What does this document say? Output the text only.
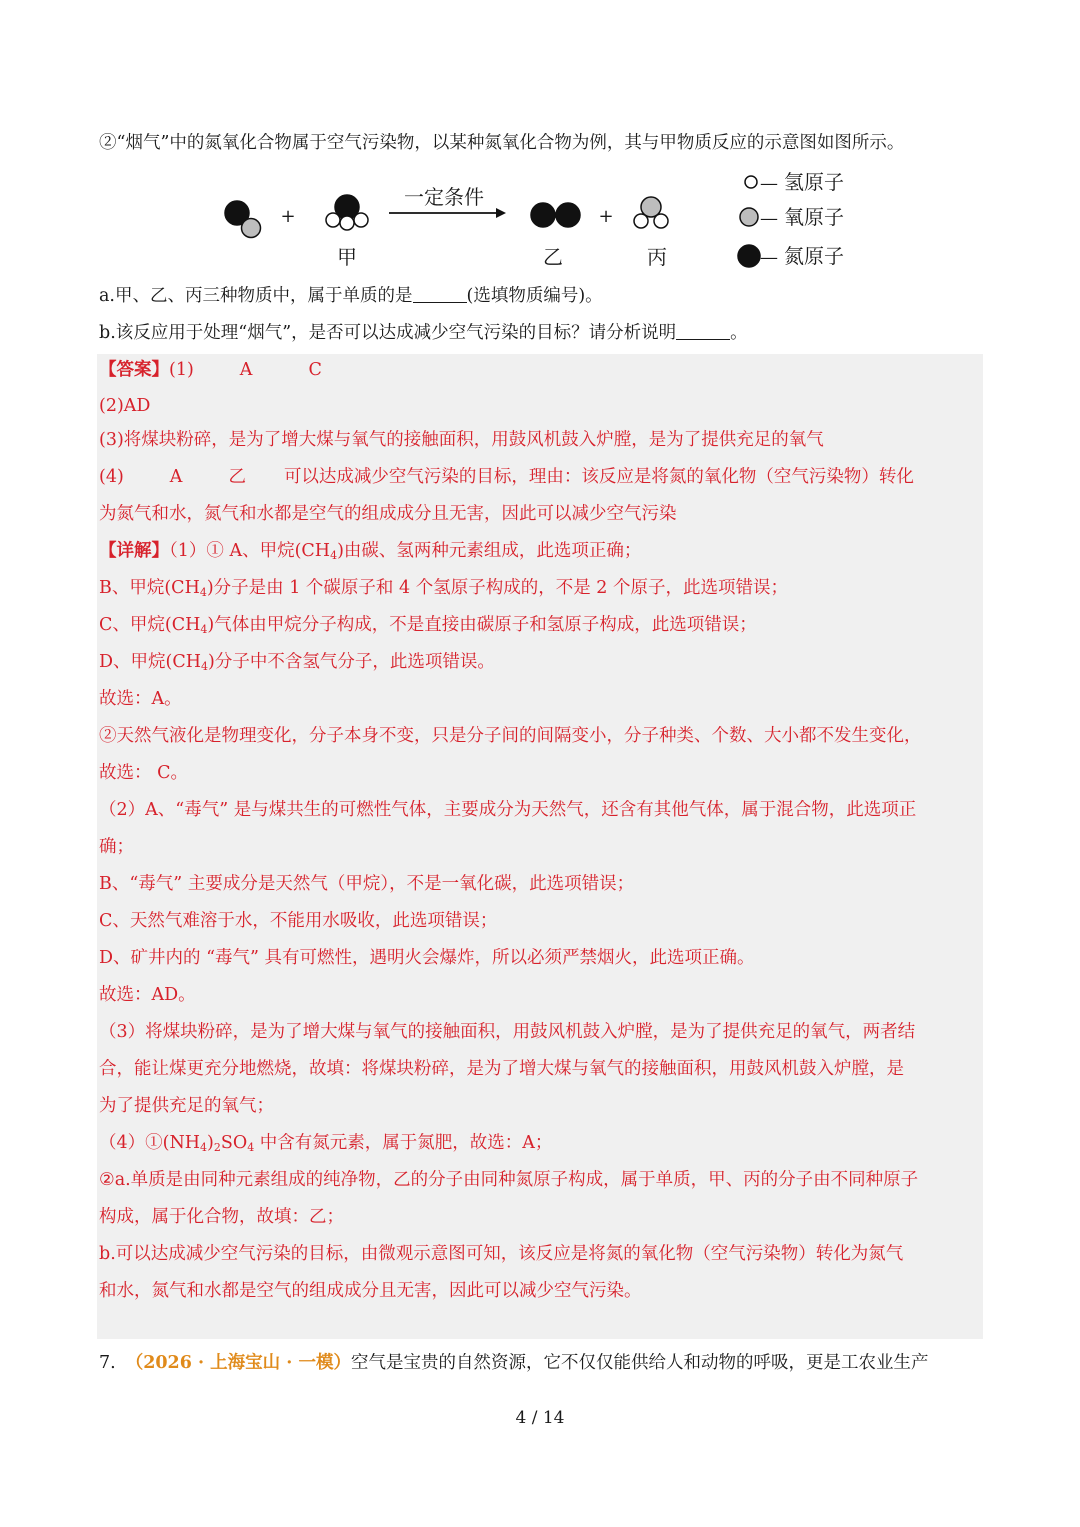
②“烟气”中的氮氧化合物属于空气污染物，以某种氮氧化合物为例，其与甲物质反应的示意图如图所示。
+
甲
一定条件
乙
+
丙
— 氢原子
— 氧原子
— 氮原子
a.甲、乙、丙三种物质中，属于单质的是	(选填物质编号)。
b.该反应用于处理“烟气”，是否可以达成减少空气污染的目标？请分析说明	。
【答案】(1)	A	C
(2)AD
(3)将煤块粉碎，是为了增大煤与氧气的接触面积，用鼓风机鼓入炉膛，是为了提供充足的氧气
(4)	A	乙 可以达成减少空气污染的目标，理由：该反应是将氮的氧化物（空气污染物）转化
为氮气和水，氮气和水都是空气的组成成分且无害，因此可以减少空气污染
【详解】（1）① A、甲烷$(CH_4)$由碳、氢两种元素组成，此选项正确；
B、甲烷$(CH_4)$分子是由 1 个碳原子和 4 个氢原子构成的，不是 2 个原子，此选项错误；
C、甲烷$(CH_4)$气体由甲烷分子构成，不是直接由碳原子和氢原子构成，此选项错误；
D、甲烷$(CH_4)$分子中不含氢气分子，此选项错误。
故选：A。
②天然气液化是物理变化，分子本身不变，只是分子间的间隔变小，分子种类、个数、大小都不发生变化，
故选： C。
（2）A、“毒气” 是与煤共生的可燃性气体，主要成分为天然气，还含有其他气体，属于混合物，此选项正
确；
B、“毒气” 主要成分是天然气（甲烷），不是一氧化碳，此选项错误；
C、天然气难溶于水，不能用水吸收，此选项错误；
D、矿井内的 “毒气” 具有可燃性，遇明火会爆炸，所以必须严禁烟火，此选项正确。
故选：AD。
（3）将煤块粉碎，是为了增大煤与氧气的接触面积，用鼓风机鼓入炉膛，是为了提供充足的氧气，两者结
合，能让煤更充分地燃烧，故填：将煤块粉碎，是为了增大煤与氧气的接触面积，用鼓风机鼓入炉膛，是
为了提供充足的氧气；
$(4)①(NH_4)_2SO_4$ 中含有氮元素，属于氮肥，故选：A；
②a.单质是由同种元素组成的纯净物，乙的分子由同种氮原子构成，属于单质，甲、丙的分子由不同种原子
构成，属于化合物，故填：乙；
b.可以达成减少空气污染的目标，由微观示意图可知，该反应是将氮的氧化物（空气污染物）转化为氮气
和水，氮气和水都是空气的组成成分且无害，因此可以减少空气污染。
7. （2026 · 上海宝山 · 一模）空气是宝贵的自然资源，它不仅仅能供给人和动物的呼吸，更是工农业生产
4 / 14
